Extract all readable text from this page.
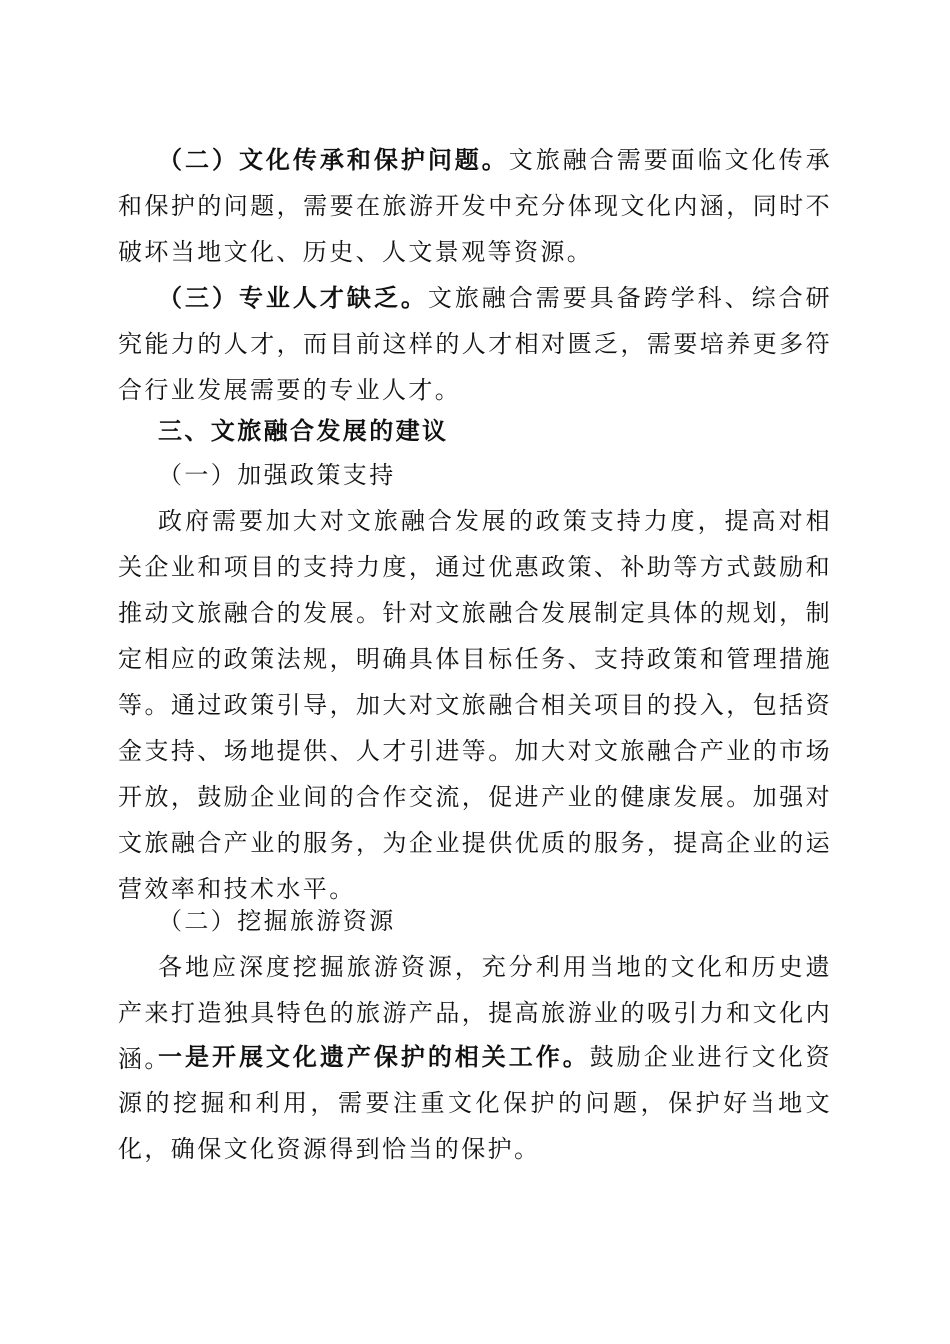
（二）文化传承和保护问题。文旅融合需要面临文化传承和保护的问题，需要在旅游开发中充分体现文化内涵，同时不破坏当地文化、历史、人文景观等资源。

（三）专业人才缺乏。文旅融合需要具备跨学科、综合研究能力的人才，而目前这样的人才相对匮乏，需要培养更多符合行业发展需要的专业人才。

三、文旅融合发展的建议

（一）加强政策支持

政府需要加大对文旅融合发展的政策支持力度，提高对相关企业和项目的支持力度，通过优惠政策、补助等方式鼓励和推动文旅融合的发展。针对文旅融合发展制定具体的规划，制定相应的政策法规，明确具体目标任务、支持政策和管理措施等。通过政策引导，加大对文旅融合相关项目的投入，包括资金支持、场地提供、人才引进等。加大对文旅融合产业的市场开放，鼓励企业间的合作交流，促进产业的健康发展。加强对文旅融合产业的服务，为企业提供优质的服务，提高企业的运营效率和技术水平。

（二）挖掘旅游资源

各地应深度挖掘旅游资源，充分利用当地的文化和历史遗产来打造独具特色的旅游产品，提高旅游业的吸引力和文化内涵。

一是开展文化遗产保护的相关工作。鼓励企业进行文化资源的挖掘和利用，需要注重文化保护的问题，保护好当地文化，确保文化资源得到恰当的保护。
